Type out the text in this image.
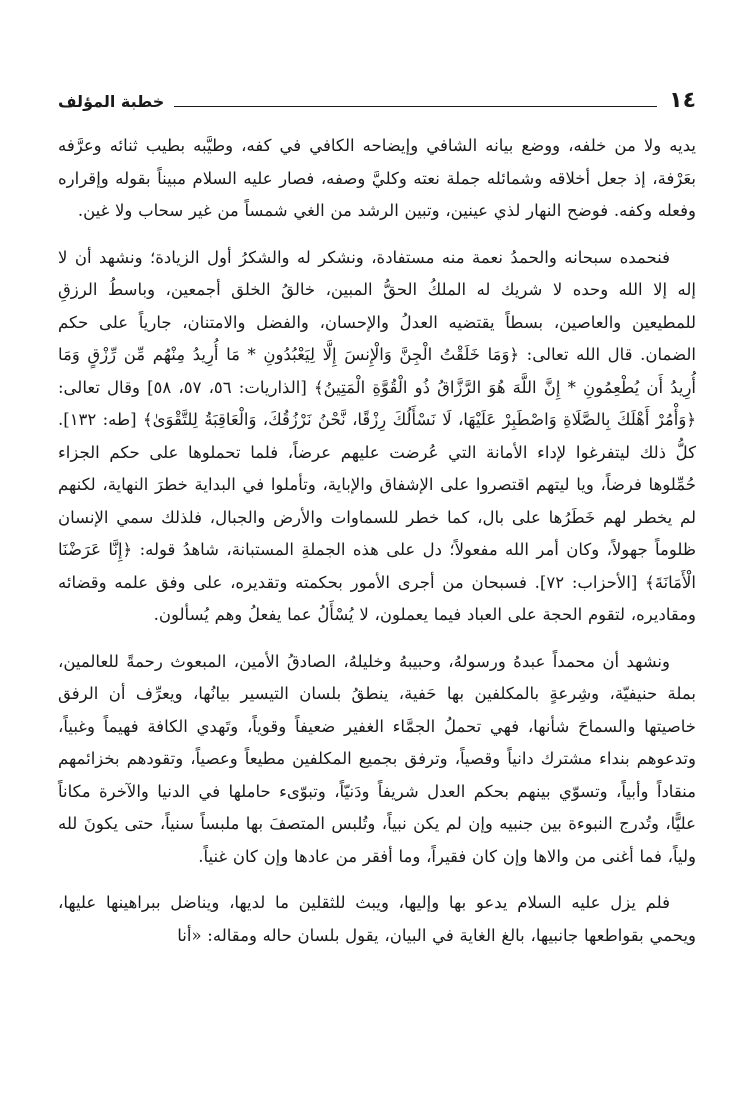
١٤
خطبة المؤلف

يديه ولا من خلفه، ووضع بيانه الشافي وإيضاحه الكافي في كفه، وطيَّبه بطيب ثنائه وعرَّفه بعَرْفة، إذ جعل أخلاقه وشمائله جملة نعته وكليَّ وصفه، فصار عليه السلام مبيناً بقوله وإقراره وفعله وكفه. فوضح النهار لذي عينين، وتبين الرشد من الغي شمساً من غير سحاب ولا غين.

فنحمده سبحانه والحمدُ نعمة منه مستفادة، ونشكر له والشكرُ أول الزيادة؛ ونشهد أن لا إله إلا الله وحده لا شريك له الملكُ الحقُّ المبين، خالقُ الخلق أجمعين، وباسطُ الرزقِ للمطيعين والعاصين، بسطاً يقتضيه العدلُ والإحسان، والفضل والامتنان، جارياً على حكم الضمان. قال الله تعالى: ﴿وَمَا خَلَقْتُ الْجِنَّ وَالْإِنسَ إِلَّا لِيَعْبُدُونِ * مَا أُرِيدُ مِنْهُم مِّن رِّزْقٍ وَمَا أُرِيدُ أَن يُطْعِمُونِ * إِنَّ اللَّهَ هُوَ الرَّزَّاقُ ذُو الْقُوَّةِ الْمَتِينُ﴾ [الذاريات: ٥٦، ٥٧، ٥٨] وقال تعالى: ﴿وَأْمُرْ أَهْلَكَ بِالصَّلَاةِ وَاصْطَبِرْ عَلَيْهَا، لَا نَسْأَلُكَ رِزْقًا، نَّحْنُ نَرْزُقُكَ، وَالْعَاقِبَةُ لِلتَّقْوَىٰ﴾ [طه: ١٣٢]. كلُّ ذلك ليتفرغوا لإداء الأمانة التي عُرضت عليهم عرضاً، فلما تحملوها على حكم الجزاء حُمِّلوها فرضاً، ويا ليتهم اقتصروا على الإشفاق والإباية، وتأملوا في البداية خطرَ النهاية، لكنهم لم يخطر لهم خَطَرُها على بال، كما خطر للسماوات والأرض والجبال، فلذلك سمي الإنسان ظلوماً جهولاً، وكان أمر الله مفعولاً؛ دل على هذه الجملةِ المستبانة، شاهدُ قوله: ﴿إِنَّا عَرَضْنَا الْأَمَانَةَ﴾ [الأحزاب: ٧٢]. فسبحان من أجرى الأمور بحكمته وتقديره، على وفق علمه وقضائه ومقاديره، لتقوم الحجة على العباد فيما يعملون، لا يُسْأَلُ عما يفعلُ وهم يُسألون.

ونشهد أن محمداً عبدهُ ورسولهُ، وحبيبهُ وخليلهُ، الصادقُ الأمين، المبعوث رحمةً للعالمين، بملة حنيفيّة، وشِرعةٍ بالمكلفين بها حَفية، ينطقُ بلسان التيسير بيانُها، ويعرِّف أن الرفق خاصيتها والسماحَ شأنها، فهي تحملُ الجمَّاء الغفير ضعيفاً وقوياً، وتَهدي الكافة فهيماً وغبياً، وتدعوهم بنداء مشترك دانياً وقصياً، وترفق بجميع المكلفين مطيعاً وعصياً، وتقودهم بخزائمهم منقاداً وأبياً، وتسوّي بينهم بحكم العدل شريفاً ودَنيّاً، وتبوّىء حاملها في الدنيا والآخرة مكاناً عليًّا، وتُدرج النبوءة بين جنبيه وإن لم يكن نبياً، وتُلبس المتصفَ بها ملبساً سنياً، حتى يكونَ لله ولياً، فما أغنى من والاها وإن كان فقيراً، وما أفقر من عادها وإن كان غنياً.

فلم يزل عليه السلام يدعو بها وإليها، ويبث للثقلين ما لديها، ويناضل ببراهينها عليها، ويحمي بقواطعها جانبيها، بالغ الغاية في البيان، يقول بلسان حاله ومقاله: «أنا
